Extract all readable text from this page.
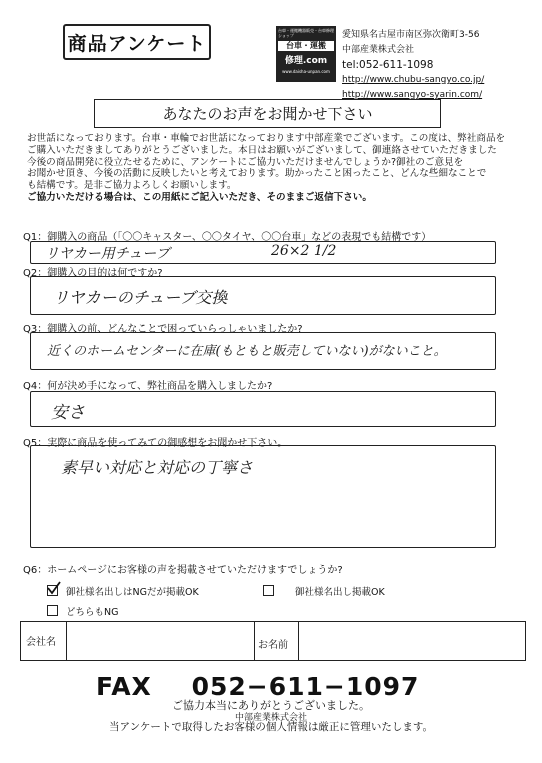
商品アンケート
台車・運搬機器販売・台車修理ショップ
台車・運搬
修理.com
www.daisha-unpan.com
愛知県名古屋市南区弥次衛町3-56
中部産業株式会社
tel:052-611-1098
http://www.chubu-sangyo.co.jp/
http://www.sangyo-syarin.com/
あなたのお声をお聞かせ下さい

お世話になっております。台車・車輪でお世話になっております中部産業でございます。この度は、弊社商品を

ご購入いただきましてありがとうございました。本日はお願いがございまして、御連絡させていただきました

今後の商品開発に役立たせるために、アンケートにご協力いただけませんでしょうか?御社のご意見を

お聞かせ頂き、今後の活動に反映したいと考えております。助かったこと困ったこと、どんな些細なことで

も結構です。是非ご協力よろしくお願いします。

ご協力いただける場合は、この用紙にご記入いただき、そのままご返信下さい。

Q1：御購入の商品（「〇〇キャスター、〇〇タイヤ、〇〇台車」などの表現でも結構です）
リヤカー用チューブ	26×2 1/2
Q2：御購入の目的は何ですか?
リヤカーのチューブ交換
Q3：御購入の前、どんなことで困っていらっしゃいましたか?
近くのホームセンターに在庫(もともと販売していない)がないこと。
Q4：何が決め手になって、弊社商品を購入しましたか?
安さ
Q5：実際に商品を使ってみての御感想をお聞かせ下さい。
素早い対応と対応の丁寧さ
Q6：ホームページにお客様の声を掲載させていただけますでしょうか?
御社様名出しはNGだが掲載OK	御社様名出し掲載OK
どちらもNG
会社名	お名前
FAX 052−611−1097
ご協力本当にありがとうございました。
中部産業株式会社
当アンケートで取得したお客様の個人情報は厳正に管理いたします。
